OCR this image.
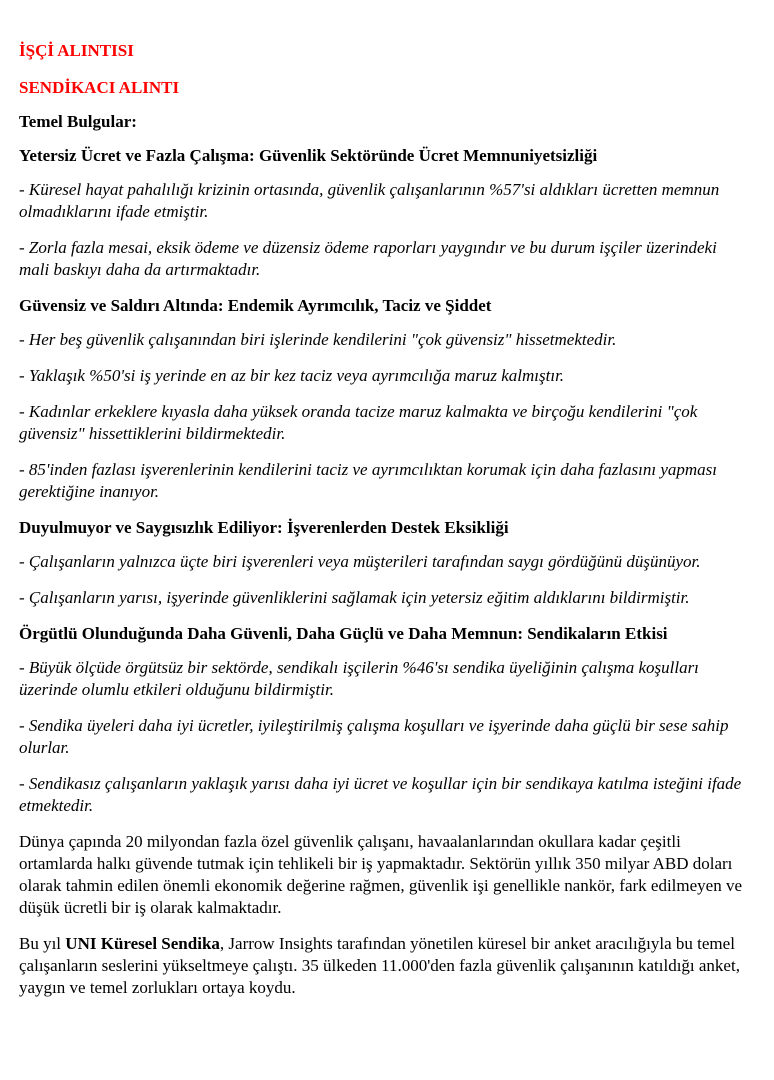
İŞÇİ ALINTISI
SENDİKACI ALINTI
Temel Bulgular:
Yetersiz Ücret ve Fazla Çalışma: Güvenlik Sektöründe Ücret Memnuniyetsizliği

- Küresel hayat pahalılığı krizinin ortasında, güvenlik çalışanlarının %57'si aldıkları ücretten memnun olmadıklarını ifade etmiştir.

- Zorla fazla mesai, eksik ödeme ve düzensiz ödeme raporları yaygındır ve bu durum işçiler üzerindeki mali baskıyı daha da artırmaktadır.

Güvensiz ve Saldırı Altında: Endemik Ayrımcılık, Taciz ve Şiddet

- Her beş güvenlik çalışanından biri işlerinde kendilerini "çok güvensiz" hissetmektedir.

- Yaklaşık %50'si iş yerinde en az bir kez taciz veya ayrımcılığa maruz kalmıştır.

- Kadınlar erkeklere kıyasla daha yüksek oranda tacize maruz kalmakta ve birçoğu kendilerini "çok güvensiz" hissettiklerini bildirmektedir.

- 85'inden fazlası işverenlerinin kendilerini taciz ve ayrımcılıktan korumak için daha fazlasını yapması gerektiğine inanıyor.

Duyulmuyor ve Saygısızlık Ediliyor: İşverenlerden Destek Eksikliği

- Çalışanların yalnızca üçte biri işverenleri veya müşterileri tarafından saygı gördüğünü düşünüyor.

- Çalışanların yarısı, işyerinde güvenliklerini sağlamak için yetersiz eğitim aldıklarını bildirmiştir.

Örgütlü Olunduğunda Daha Güvenli, Daha Güçlü ve Daha Memnun: Sendikaların Etkisi

- Büyük ölçüde örgütsüz bir sektörde, sendikalı işçilerin %46'sı sendika üyeliğinin çalışma koşulları üzerinde olumlu etkileri olduğunu bildirmiştir.

- Sendika üyeleri daha iyi ücretler, iyileştirilmiş çalışma koşulları ve işyerinde daha güçlü bir sese sahip olurlar.

- Sendikasız çalışanların yaklaşık yarısı daha iyi ücret ve koşullar için bir sendikaya katılma isteğini ifade etmektedir.

Dünya çapında 20 milyondan fazla özel güvenlik çalışanı, havaalanlarından okullara kadar çeşitli ortamlarda halkı güvende tutmak için tehlikeli bir iş yapmaktadır. Sektörün yıllık 350 milyar ABD doları olarak tahmin edilen önemli ekonomik değerine rağmen, güvenlik işi genellikle nankör, fark edilmeyen ve düşük ücretli bir iş olarak kalmaktadır.

Bu yıl UNI Küresel Sendika, Jarrow Insights tarafından yönetilen küresel bir anket aracılığıyla bu temel çalışanların seslerini yükseltmeye çalıştı. 35 ülkeden 11.000'den fazla güvenlik çalışanının katıldığı anket, yaygın ve temel zorlukları ortaya koydu.
